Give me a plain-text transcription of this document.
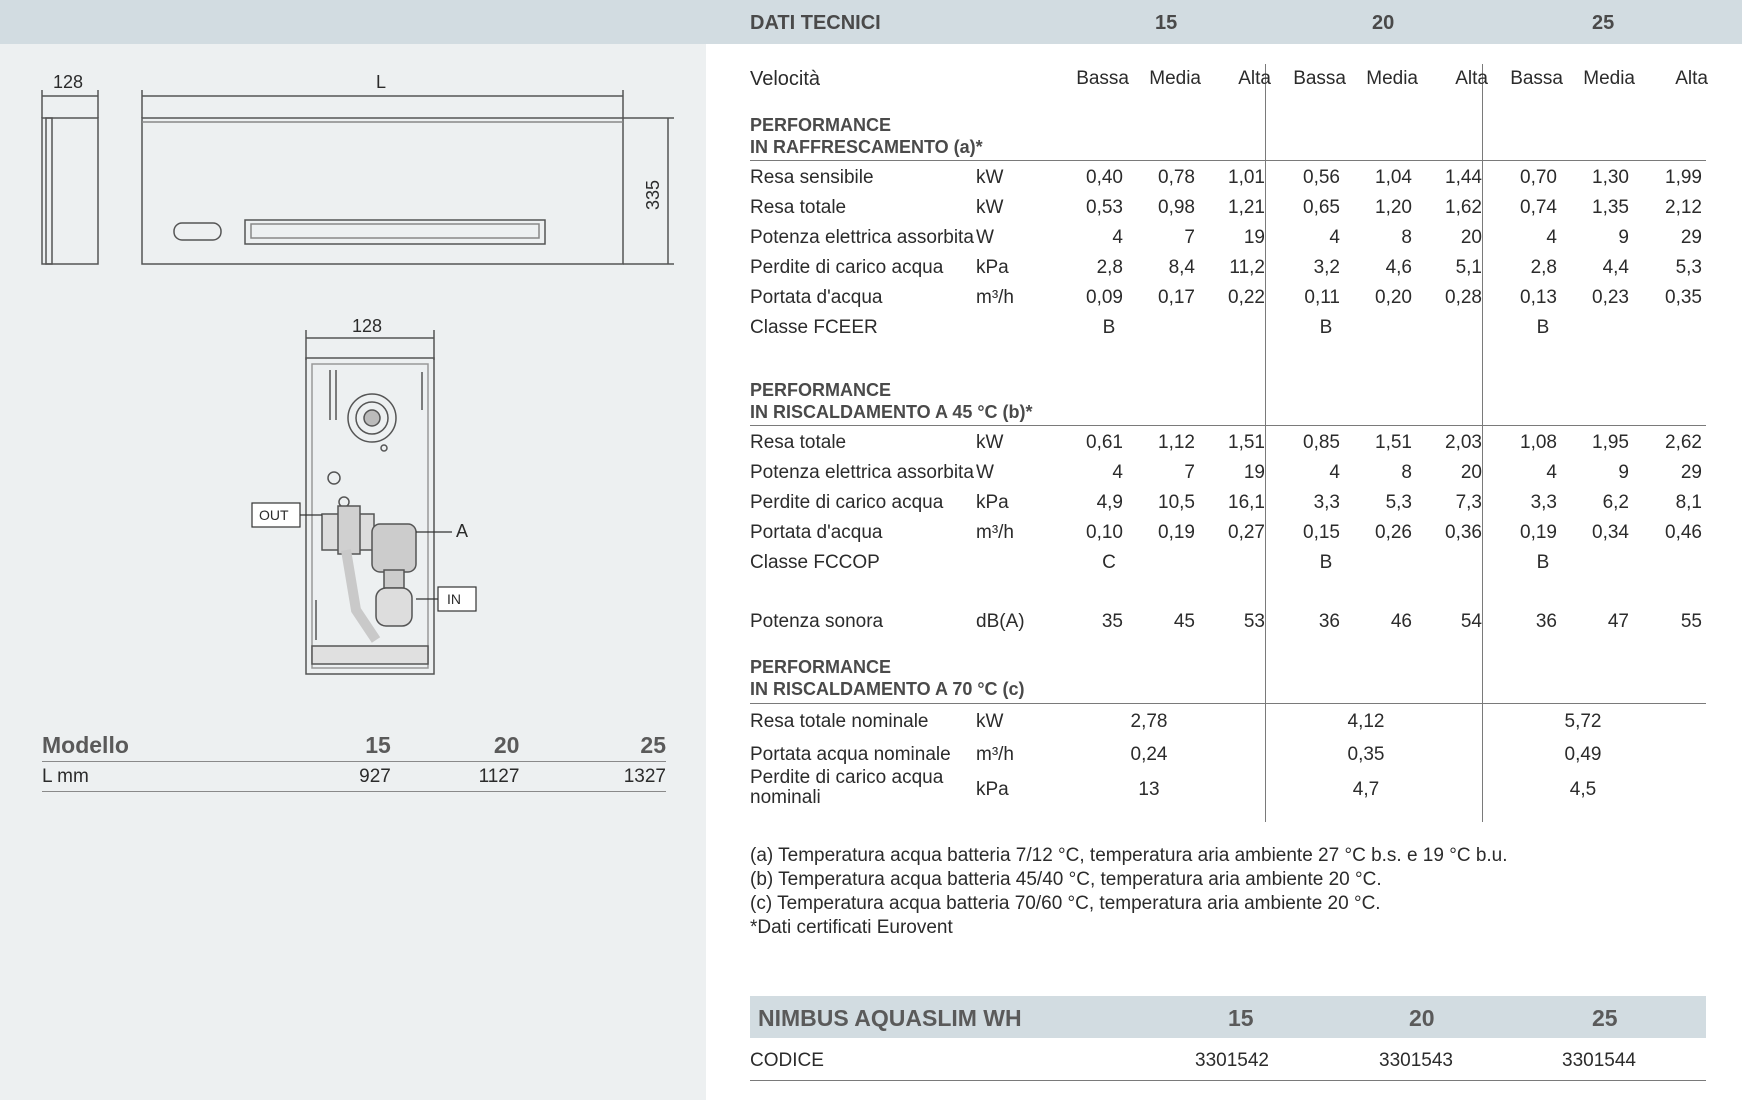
128	L
335
128
OUT
IN
A
Modello	15	20	25
L mm	927	1127	1327
DATI TECNICI	15	20	25
Velocità	Bassa	Media	Alta	Bassa	Media	Alta	Bassa	Media	Alta
PERFORMANCE
IN RAFFRESCAMENTO (a)*
Resa sensibile	kW	0,40	0,78	1,01	0,56	1,04	1,44	0,70	1,30	1,99
Resa totale	kW	0,53	0,98	1,21	0,65	1,20	1,62	0,74	1,35	2,12
Potenza elettrica assorbita W	4	7	19	4	8	20	4	9	29
Perdite di carico acqua kPa	2,8	8,4	11,2	3,2	4,6	5,1	2,8	4,4	5,3
Portata d'acqua	m³/h	0,09	0,17	0,22	0,11	0,20	0,28	0,13	0,23	0,35
Classe FCEER	B	B	B
PERFORMANCE
IN RISCALDAMENTO A 45 °C (b)*
Resa totale	kW	0,61	1,12	1,51	0,85	1,51	2,03	1,08	1,95	2,62
Potenza elettrica assorbita W	4	7	19	4	8	20	4	9	29
Perdite di carico acqua kPa	4,9	10,5	16,1	3,3	5,3	7,3	3,3	6,2	8,1
Portata d'acqua	m³/h	0,10	0,19	0,27	0,15	0,26	0,36	0,19	0,34	0,46
Classe FCCOP	C	B	B
Potenza sonora	dB(A)	35	45	53	36	46	54	36	47	55
PERFORMANCE
IN RISCALDAMENTO A 70 °C (c)
Resa totale nominale	kW	2,78	4,12	5,72
Portata acqua nominale m³/h	0,24	0,35	0,49
Perdite di carico acqua
nominali	kPa	13	4,7	4,5
(a) Temperatura acqua batteria 7/12 °C, temperatura aria ambiente 27 °C b.s. e 19 °C b.u.
(b) Temperatura acqua batteria 45/40 °C, temperatura aria ambiente 20 °C.
(c) Temperatura acqua batteria 70/60 °C, temperatura aria ambiente 20 °C.
*Dati certificati Eurovent
NIMBUS AQUASLIM WH	15	20	25
CODICE	3301542	3301543	3301544
